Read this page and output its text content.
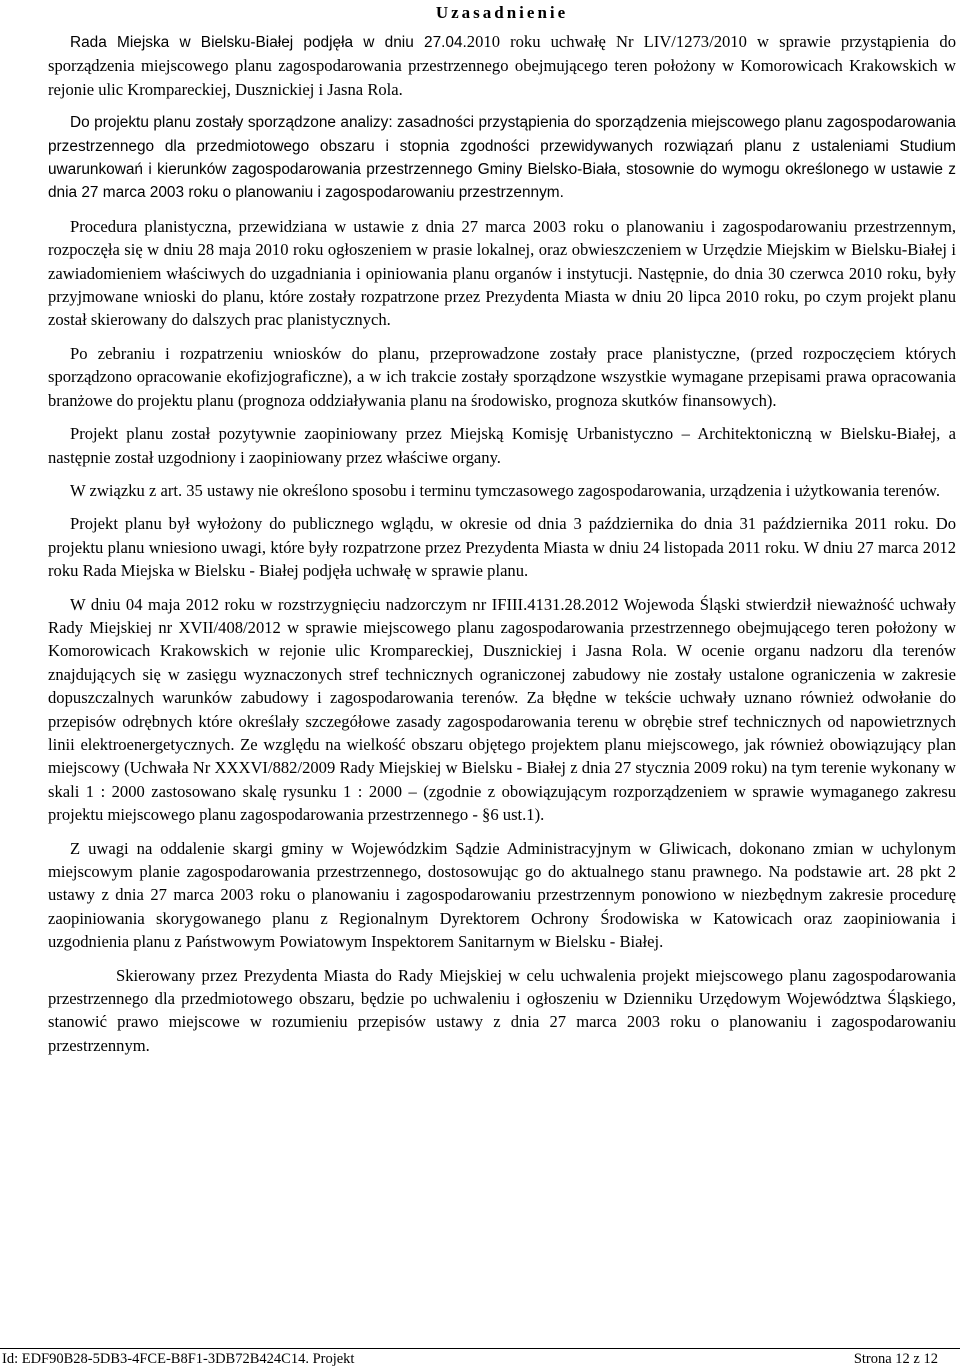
Uzasadnienie

Rada Miejska w Bielsku-Białej podjęła w dniu 27.04.2010 roku uchwałę Nr LIV/1273/2010 w sprawie przystąpienia do sporządzenia miejscowego planu zagospodarowania przestrzennego obejmującego teren położony w Komorowicach Krakowskich w rejonie ulic Krompareckiej, Dusznickiej i Jasna Rola.

Do projektu planu zostały sporządzone analizy: zasadności przystąpienia do sporządzenia miejscowego planu zagospodarowania przestrzennego dla przedmiotowego obszaru i stopnia zgodności przewidywanych rozwiązań planu z ustaleniami Studium uwarunkowań i kierunków zagospodarowania przestrzennego Gminy Bielsko-Biała, stosownie do wymogu określonego w ustawie z dnia 27 marca 2003 roku o planowaniu i zagospodarowaniu przestrzennym.

Procedura planistyczna, przewidziana w ustawie z dnia 27 marca 2003 roku o planowaniu i zagospodarowaniu przestrzennym, rozpoczęła się w dniu 28 maja 2010 roku ogłoszeniem w prasie lokalnej, oraz obwieszczeniem w Urzędzie Miejskim w Bielsku-Białej i zawiadomieniem właściwych do uzgadniania i opiniowania planu organów i instytucji. Następnie, do dnia 30 czerwca 2010 roku, były przyjmowane wnioski do planu, które zostały rozpatrzone przez Prezydenta Miasta w dniu 20 lipca 2010 roku, po czym projekt planu został skierowany do dalszych prac planistycznych.

Po zebraniu i rozpatrzeniu wniosków do planu, przeprowadzone zostały prace planistyczne, (przed rozpoczęciem których sporządzono opracowanie ekofizjograficzne), a w ich trakcie zostały sporządzone wszystkie wymagane przepisami prawa opracowania branżowe do projektu planu (prognoza oddziaływania planu na środowisko, prognoza skutków finansowych).

Projekt planu został pozytywnie zaopiniowany przez Miejską Komisję Urbanistyczno – Architektoniczną w Bielsku-Białej, a następnie został uzgodniony i zaopiniowany przez właściwe organy.

W związku z art. 35 ustawy nie określono sposobu i terminu tymczasowego zagospodarowania, urządzenia i użytkowania terenów.

Projekt planu był wyłożony do publicznego wglądu, w okresie od dnia 3 października do dnia 31 października 2011 roku. Do projektu planu wniesiono uwagi, które były rozpatrzone przez Prezydenta Miasta w dniu 24 listopada 2011 roku. W dniu 27 marca 2012 roku Rada Miejska w Bielsku - Białej podjęła uchwałę w sprawie planu.

W dniu 04 maja 2012 roku w rozstrzygnięciu nadzorczym nr IFIII.4131.28.2012 Wojewoda Śląski stwierdził nieważność uchwały Rady Miejskiej nr XVII/408/2012 w sprawie miejscowego planu zagospodarowania przestrzennego obejmującego teren położony w Komorowicach Krakowskich w rejonie ulic Krompareckiej, Dusznickiej i Jasna Rola. W ocenie organu nadzoru dla terenów znajdujących się w zasięgu wyznaczonych stref technicznych ograniczonej zabudowy nie zostały ustalone ograniczenia w zakresie dopuszczalnych warunków zabudowy i zagospodarowania terenów. Za błędne w tekście uchwały uznano również odwołanie do przepisów odrębnych które określały szczegółowe zasady zagospodarowania terenu w obrębie stref technicznych od napowietrznych linii elektroenergetycznych. Ze względu na wielkość obszaru objętego projektem planu miejscowego, jak również obowiązujący plan miejscowy (Uchwała Nr XXXVI/882/2009 Rady Miejskiej w Bielsku - Białej z dnia 27 stycznia 2009 roku) na tym terenie wykonany w skali 1 : 2000 zastosowano skalę rysunku 1 : 2000 – (zgodnie z obowiązującym rozporządzeniem w sprawie wymaganego zakresu projektu miejscowego planu zagospodarowania przestrzennego - §6 ust.1).

Z uwagi na oddalenie skargi gminy w Wojewódzkim Sądzie Administracyjnym w Gliwicach, dokonano zmian w uchylonym miejscowym planie zagospodarowania przestrzennego, dostosowując go do aktualnego stanu prawnego. Na podstawie art. 28 pkt 2 ustawy z dnia 27 marca 2003 roku o planowaniu i zagospodarowaniu przestrzennym ponowiono w niezbędnym zakresie procedurę zaopiniowania skorygowanego planu z Regionalnym Dyrektorem Ochrony Środowiska w Katowicach oraz zaopiniowania i uzgodnienia planu z Państwowym Powiatowym Inspektorem Sanitarnym w Bielsku - Białej.

Skierowany przez Prezydenta Miasta do Rady Miejskiej w celu uchwalenia projekt miejscowego planu zagospodarowania przestrzennego dla przedmiotowego obszaru, będzie po uchwaleniu i ogłoszeniu w Dzienniku Urzędowym Województwa Śląskiego, stanowić prawo miejscowe w rozumieniu przepisów ustawy z dnia 27 marca 2003 roku o planowaniu i zagospodarowaniu przestrzennym.

Id: EDF90B28-5DB3-4FCE-B8F1-3DB72B424C14. Projekt	Strona 12 z 12
